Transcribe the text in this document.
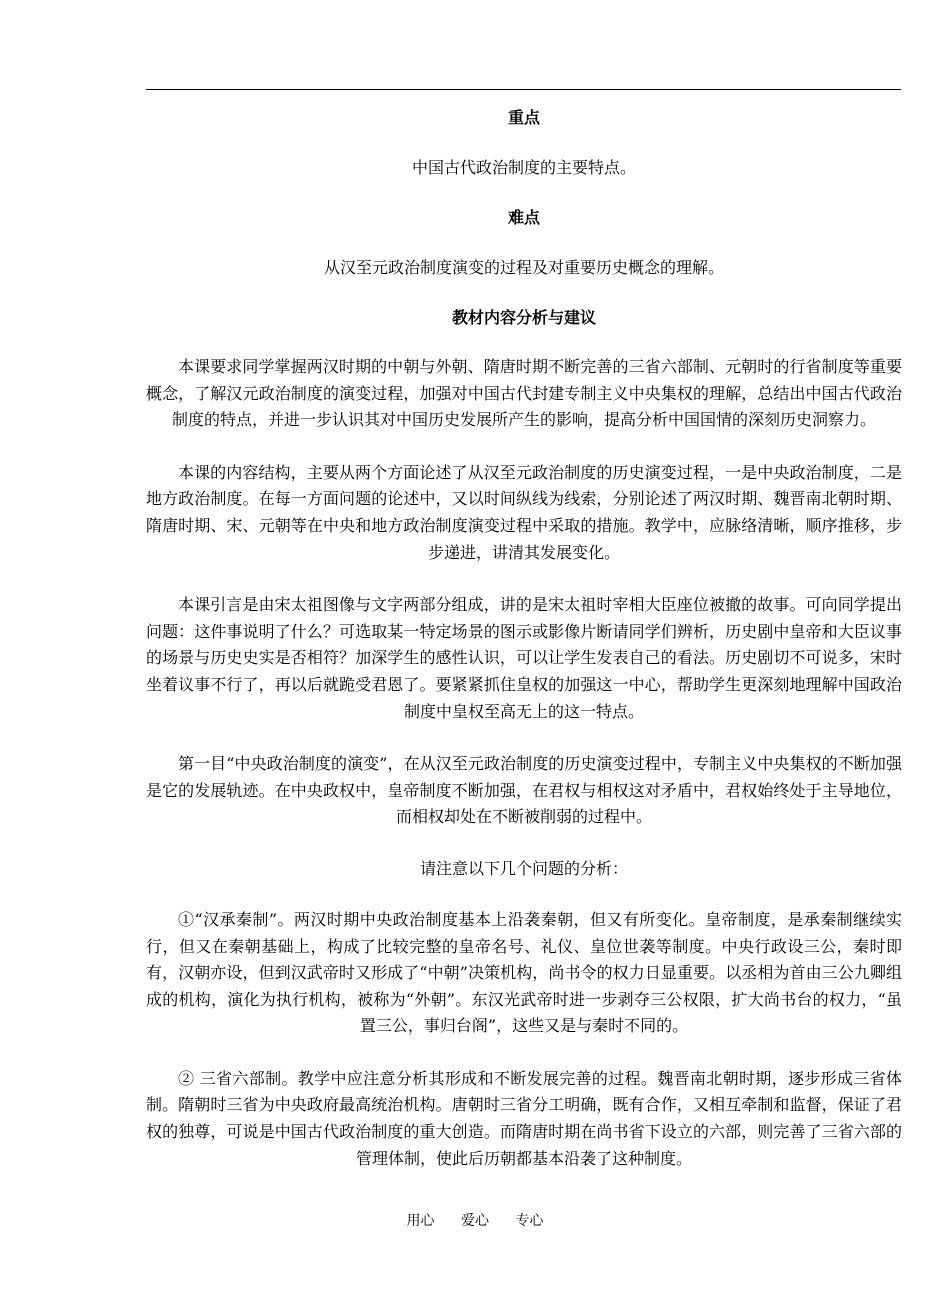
重点

中国古代政治制度的主要特点。

难点

从汉至元政治制度演变的过程及对重要历史概念的理解。

教材内容分析与建议

本课要求同学掌握两汉时期的中朝与外朝、隋唐时期不断完善的三省六部制、元朝时的行省制度等重要概念，了解汉元政治制度的演变过程，加强对中国古代封建专制主义中央集权的理解，总结出中国古代政治制度的特点，并进一步认识其对中国历史发展所产生的影响，提高分析中国国情的深刻历史洞察力。

本课的内容结构，主要从两个方面论述了从汉至元政治制度的历史演变过程，一是中央政治制度，二是地方政治制度。在每一方面问题的论述中，又以时间纵线为线索，分别论述了两汉时期、魏晋南北朝时期、隋唐时期、宋、元朝等在中央和地方政治制度演变过程中采取的措施。教学中，应脉络清晰，顺序推移，步步递进，讲清其发展变化。

本课引言是由宋太祖图像与文字两部分组成，讲的是宋太祖时宰相大臣座位被撤的故事。可向同学提出问题：这件事说明了什么？可选取某一特定场景的图示或影像片断请同学们辨析，历史剧中皇帝和大臣议事的场景与历史史实是否相符？加深学生的感性认识，可以让学生发表自己的看法。历史剧切不可说多，宋时坐着议事不行了，再以后就跪受君恩了。要紧紧抓住皇权的加强这一中心，帮助学生更深刻地理解中国政治制度中皇权至高无上的这一特点。

第一目“中央政治制度的演变”，在从汉至元政治制度的历史演变过程中，专制主义中央集权的不断加强是它的发展轨迹。在中央政权中，皇帝制度不断加强，在君权与相权这对矛盾中，君权始终处于主导地位，而相权却处在不断被削弱的过程中。

请注意以下几个问题的分析：

①“汉承秦制”。两汉时期中央政治制度基本上沿袭秦朝，但又有所变化。皇帝制度，是承秦制继续实行，但又在秦朝基础上，构成了比较完整的皇帝名号、礼仪、皇位世袭等制度。中央行政设三公，秦时即有，汉朝亦设，但到汉武帝时又形成了“中朝”决策机构，尚书令的权力日显重要。以丞相为首由三公九卿组成的机构，演化为执行机构，被称为“外朝”。东汉光武帝时进一步剥夺三公权限，扩大尚书台的权力，“虽置三公，事归台阁”，这些又是与秦时不同的。

② 三省六部制。教学中应注意分析其形成和不断发展完善的过程。魏晋南北朝时期，逐步形成三省体制。隋朝时三省为中央政府最高统治机构。唐朝时三省分工明确，既有合作，又相互牵制和监督，保证了君权的独尊，可说是中国古代政治制度的重大创造。而隋唐时期在尚书省下设立的六部，则完善了三省六部的管理体制，使此后历朝都基本沿袭了这种制度。

用心 爱心 专心
